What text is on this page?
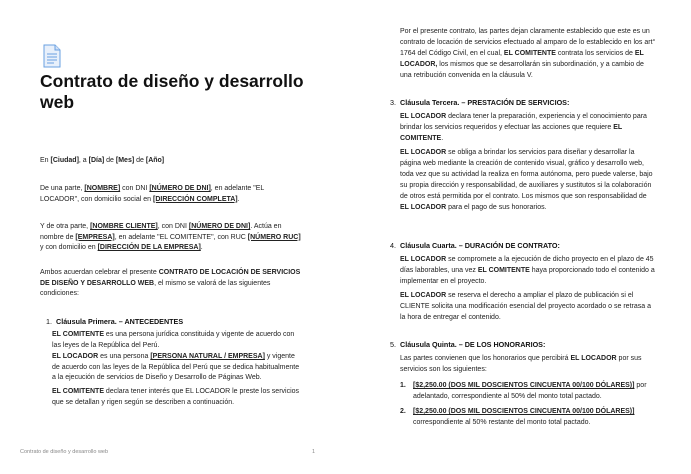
Contrato de diseño y desarrollo web

En [Ciudad], a [Día] de [Mes] de [Año]

De una parte, [NOMBRE] con DNI [NÚMERO DE DNI], en adelante "EL LOCADOR", con domicilio social en [DIRECCIÓN COMPLETA].

Y de otra parte, [NOMBRE CLIENTE], con DNI [NÚMERO DE DNI]. Actúa en nombre de [EMPRESA], en adelante "EL COMITENTE", con RUC [NÚMERO RUC] y con domicilio en [DIRECCIÓN DE LA EMPRESA].

Ambos acuerdan celebrar el presente CONTRATO DE LOCACIÓN DE SERVICIOS DE DISEÑO Y DESARROLLO WEB, el mismo se valorá de las siguientes condiciones:

1. Cláusula Primera. – ANTECEDENTES

EL COMITENTE es una persona jurídica constituida y vigente de acuerdo con las leyes de la República del Perú.

EL LOCADOR es una persona [PERSONA NATURAL / EMPRESA] y vigente de acuerdo con las leyes de la República del Perú que se dedica habitualmente a la ejecución de servicios de Diseño y Desarrollo de Páginas Web.

EL COMITENTE declara tener interés que EL LOCADOR le preste los servicios que se detallan y rigen según se describen a continuación.

Contrato de diseño y desarrollo web	1

Por el presente contrato, las partes dejan claramente establecido que este es un contrato de locación de servicios efectuado al amparo de lo establecido en los art° 1764 del Código Civil, en el cual, EL COMITENTE contrata los servicios de EL LOCADOR, los mismos que se desarrollarán sin subordinación, y a cambio de una retribución convenida en la cláusula V.

3. Cláusula Tercera. – PRESTACIÓN DE SERVICIOS:

EL LOCADOR declara tener la preparación, experiencia y el conocimiento para brindar los servicios requeridos y efectuar las acciones que requiere EL COMITENTE.

EL LOCADOR se obliga a brindar los servicios para diseñar y desarrollar la página web mediante la creación de contenido visual, gráfico y desarrollo web, toda vez que su actividad la realiza en forma autónoma, pero puede valerse, bajo su propia dirección y responsabilidad, de auxiliares y sustitutos si la colaboración de otros está permitida por el contrato. Los mismos que son responsabilidad de EL LOCADOR para el pago de sus honorarios.

4. Cláusula Cuarta. – DURACIÓN DE CONTRATO:

EL LOCADOR se compromete a la ejecución de dicho proyecto en el plazo de 45 días laborables, una vez EL COMITENTE haya proporcionado todo el contenido a implementar en el proyecto.

EL LOCADOR se reserva el derecho a ampliar el plazo de publicación si el CLIENTE solicita una modificación esencial del proyecto acordado o se retrasa a la hora de entregar el contenido.

5. Cláusula Quinta. – DE LOS HONORARIOS:

Las partes convienen que los honorarios que percibirá EL LOCADOR por sus servicios son los siguientes:

1.	[$2,250.00 (DOS MIL DOSCIENTOS CINCUENTA 00/100 DÓLARES)] por adelantado, correspondiente al 50% del monto total pactado.
2.	[$2,250.00 (DOS MIL DOSCIENTOS CINCUENTA 00/100 DÓLARES)] correspondiente al 50% restante del monto total pactado.
